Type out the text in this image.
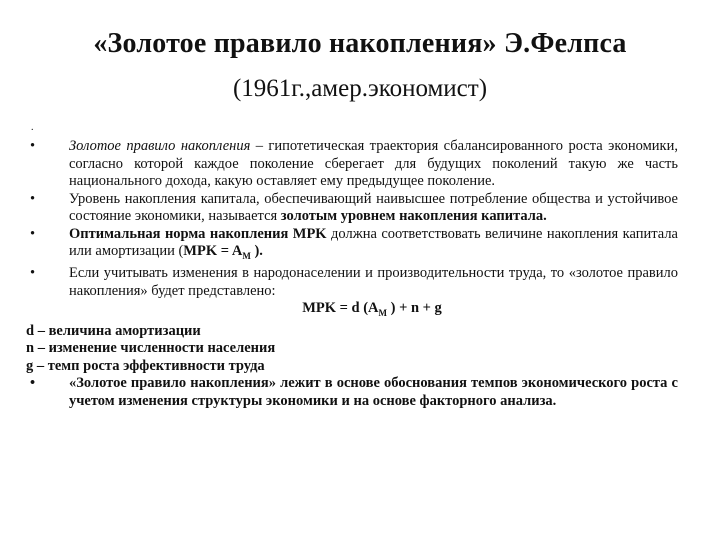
«Золотое правило накопления» Э.Фелпса
(1961г.,амер.экономист)
.
• Золотое правило накопления – гипотетическая траектория сбалансированного роста экономики, согласно которой каждое поколение сберегает для будущих поколений такую же часть национального дохода, какую оставляет ему предыдущее поколение.
• Уровень накопления капитала, обеспечивающий наивысшее потребление общества и устойчивое состояние экономики, называется золотым уровнем накопления капитала.
• Оптимальная норма накопления MPK должна соответствовать величине накопления капитала или амортизации ($MPK = A_M$ ).
• Если учитывать изменения в народонаселении и производительности труда, то «золотое правило накопления» будет представлено:
MPK = d ($A_M$ ) + n + g
d – величина амортизации
n – изменение численности населения
g – темп роста эффективности труда
• «Золотое правило накопления» лежит в основе обоснования темпов экономического роста с учетом изменения структуры экономики и на основе факторного анализа.
